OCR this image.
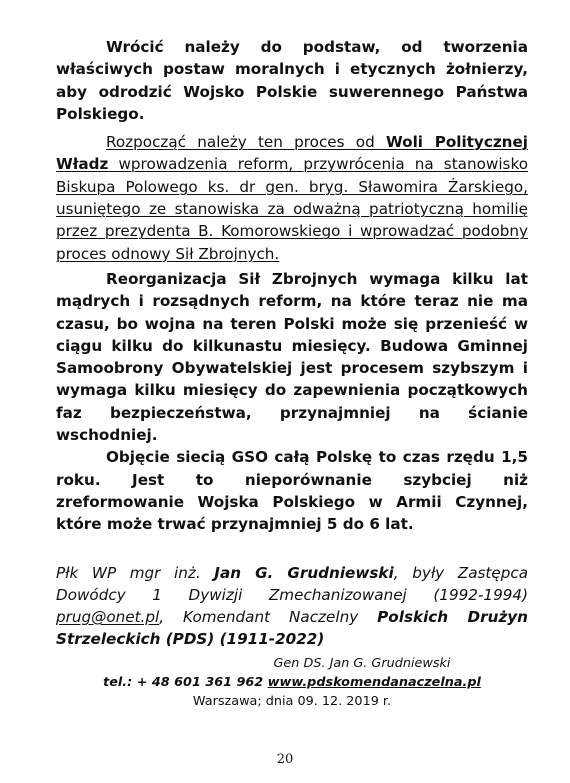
Wrócić należy do podstaw, od tworzenia właściwych postaw moralnych i etycznych żołnierzy, aby odrodzić Wojsko Polskie suwerennego Państwa Polskiego.

Rozpocząć należy ten proces od Woli Politycznej Władz wprowadzenia reform, przywrócenia na stanowisko Biskupa Polowego ks. dr gen. bryg. Sławomira Żarskiego, usuniętego ze stanowiska za odważną patriotyczną homilię przez prezydenta B. Komorowskiego i wprowadzać podobny proces odnowy Sił Zbrojnych.

Reorganizacja Sił Zbrojnych wymaga kilku lat mądrych i rozsądnych reform, na które teraz nie ma czasu, bo wojna na teren Polski może się przenieść w ciągu kilku do kilkunastu miesięcy. Budowa Gminnej Samoobrony Obywatelskiej jest procesem szybszym i wymaga kilku miesięcy do zapewnienia początkowych faz bezpieczeństwa, przynajmniej na ścianie wschodniej.

Objęcie siecią GSO całą Polskę to czas rzędu 1,5 roku. Jest to nieporównanie szybciej niż zreformowanie Wojska Polskiego w Armii Czynnej, które może trwać przynajmniej 5 do 6 lat.

Płk WP mgr inż. Jan G. Grudniewski, były Zastępca Dowódcy 1 Dywizji Zmechanizowanej (1992-1994) prug@onet.pl, Komendant Naczelny Polskich Drużyn Strzeleckich (PDS) (1911-2022)

Gen DS. Jan G. Grudniewski

tel.: + 48 601 361 962 www.pdskomendanaczelna.pl

Warszawa; dnia 09. 12. 2019 r.

20
